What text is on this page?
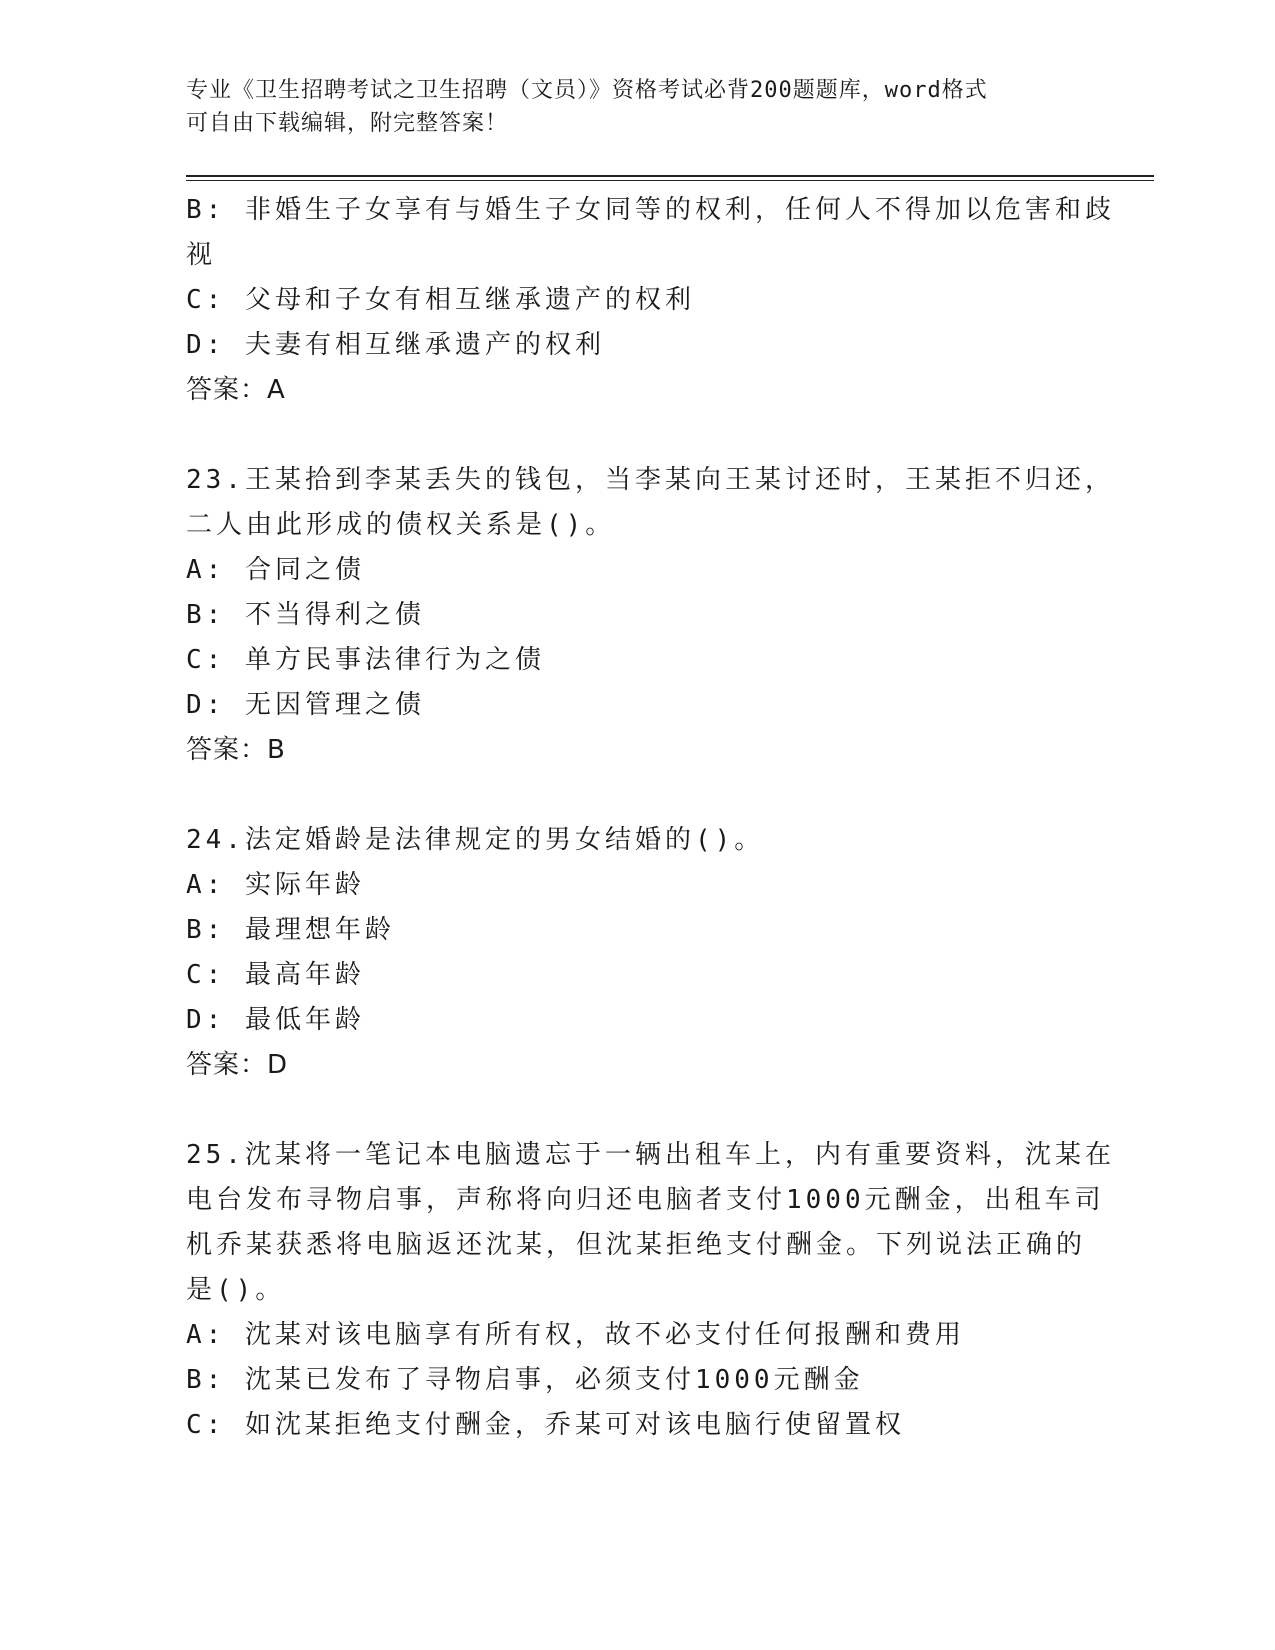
专业《卫生招聘考试之卫生招聘（文员）》资格考试必背200题题库，word格式
可自由下载编辑，附完整答案！
B: 非婚生子女享有与婚生子女同等的权利，任何人不得加以危害和歧
视
C: 父母和子女有相互继承遗产的权利
D: 夫妻有相互继承遗产的权利
答案：A
23.王某拾到李某丢失的钱包，当李某向王某讨还时，王某拒不归还，
二人由此形成的债权关系是()。
A: 合同之债
B: 不当得利之债
C: 单方民事法律行为之债
D: 无因管理之债
答案：B
24.法定婚龄是法律规定的男女结婚的()。
A: 实际年龄
B: 最理想年龄
C: 最高年龄
D: 最低年龄
答案：D
25.沈某将一笔记本电脑遗忘于一辆出租车上，内有重要资料，沈某在
电台发布寻物启事，声称将向归还电脑者支付1000元酬金，出租车司
机乔某获悉将电脑返还沈某，但沈某拒绝支付酬金。下列说法正确的
是()。
A: 沈某对该电脑享有所有权，故不必支付任何报酬和费用
B: 沈某已发布了寻物启事，必须支付1000元酬金
C: 如沈某拒绝支付酬金，乔某可对该电脑行使留置权
